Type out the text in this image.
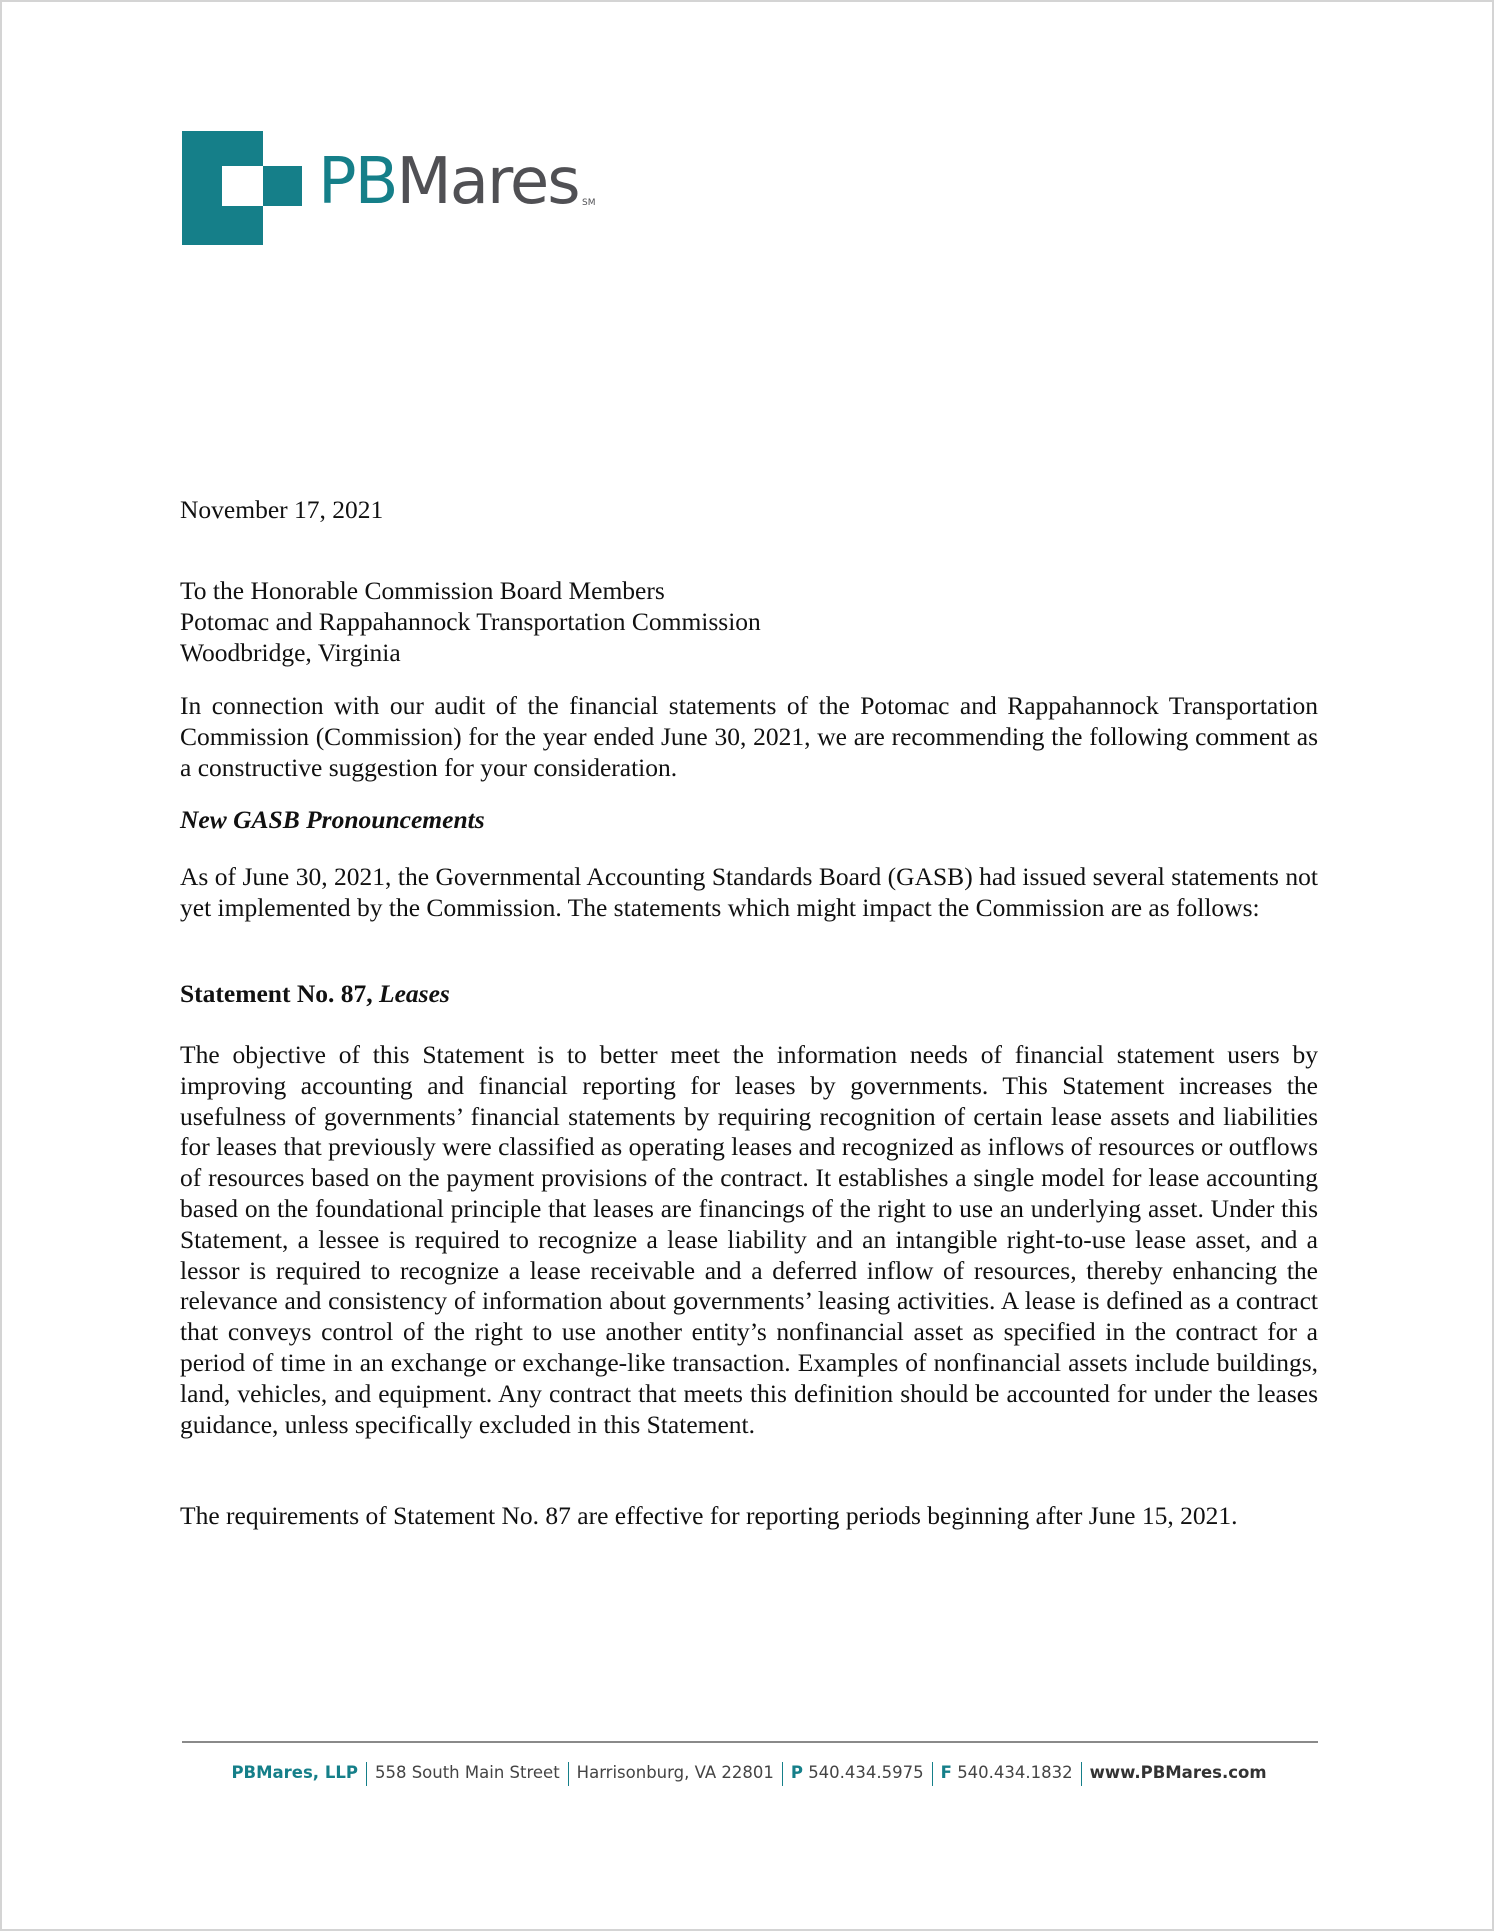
PBMares SM
November 17, 2021

To the Honorable Commission Board Members

Potomac and Rappahannock Transportation Commission

Woodbridge, Virginia

In connection with our audit of the financial statements of the Potomac and Rappahannock Transportation Commission (Commission) for the year ended June 30, 2021, we are recommending the following comment as a constructive suggestion for your consideration.

New GASB Pronouncements

As of June 30, 2021, the Governmental Accounting Standards Board (GASB) had issued several statements not yet implemented by the Commission. The statements which might impact the Commission are as follows:

Statement No. 87, Leases

The objective of this Statement is to better meet the information needs of financial statement users by improving accounting and financial reporting for leases by governments. This Statement increases the usefulness of governments’ financial statements by requiring recognition of certain lease assets and liabilities for leases that previously were classified as operating leases and recognized as inflows of resources or outflows of resources based on the payment provisions of the contract. It establishes a single model for lease accounting based on the foundational principle that leases are financings of the right to use an underlying asset. Under this Statement, a lessee is required to recognize a lease liability and an intangible right-to-use lease asset, and a lessor is required to recognize a lease receivable and a deferred inflow of resources, thereby enhancing the relevance and consistency of information about governments’ leasing activities. A lease is defined as a contract that conveys control of the right to use another entity’s nonfinancial asset as specified in the contract for a period of time in an exchange or exchange-like transaction. Examples of nonfinancial assets include buildings, land, vehicles, and equipment. Any contract that meets this definition should be accounted for under the leases guidance, unless specifically excluded in this Statement.

The requirements of Statement No. 87 are effective for reporting periods beginning after June 15, 2021.

PBMares, LLP 558 South Main Street Harrisonburg, VA 22801 P 540.434.5975 F 540.434.1832 www.PBMares.com
